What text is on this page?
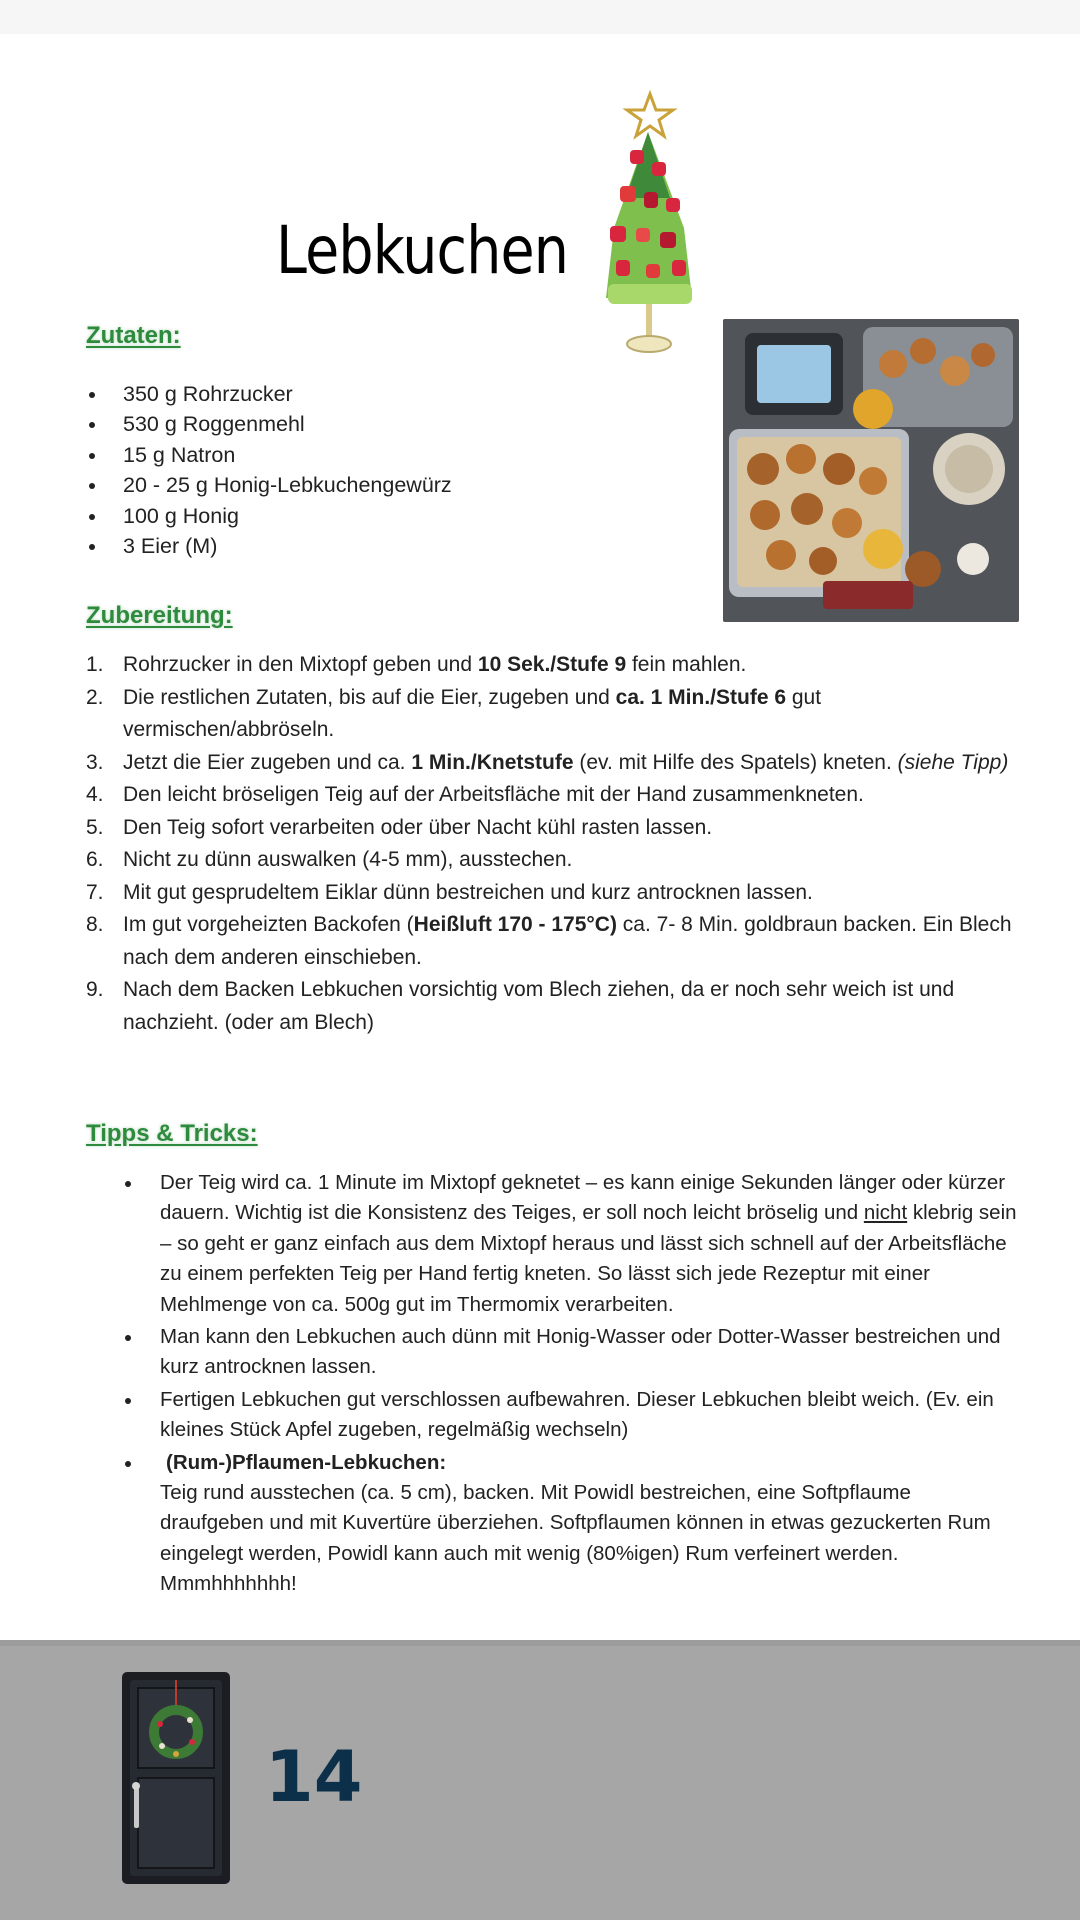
Lebkuchen
Zutaten:
350 g Rohrzucker
530 g Roggenmehl
15 g Natron
20 - 25 g Honig-Lebkuchengewürz
100 g Honig
3 Eier (M)
Zubereitung:
1. Rohrzucker in den Mixtopf geben und 10 Sek./Stufe 9 fein mahlen.
2. Die restlichen Zutaten, bis auf die Eier, zugeben und ca. 1 Min./Stufe 6 gut vermischen/abbröseln.
3. Jetzt die Eier zugeben und ca. 1 Min./Knetstufe (ev. mit Hilfe des Spatels) kneten. (siehe Tipp)
4. Den leicht bröseligen Teig auf der Arbeitsfläche mit der Hand zusammenkneten.
5. Den Teig sofort verarbeiten oder über Nacht kühl rasten lassen.
6. Nicht zu dünn auswalken (4-5 mm), ausstechen.
7. Mit gut gesprudeltem Eiklar dünn bestreichen und kurz antrocknen lassen.
8. Im gut vorgeheizten Backofen (Heißluft 170 - 175°C) ca. 7- 8 Min. goldbraun backen. Ein Blech nach dem anderen einschieben.
9. Nach dem Backen Lebkuchen vorsichtig vom Blech ziehen, da er noch sehr weich ist und nachzieht. (oder am Blech)
Tipps & Tricks:
Der Teig wird ca. 1 Minute im Mixtopf geknetet – es kann einige Sekunden länger oder kürzer dauern. Wichtig ist die Konsistenz des Teiges, er soll noch leicht bröselig und nicht klebrig sein – so geht er ganz einfach aus dem Mixtopf heraus und lässt sich schnell auf der Arbeitsfläche zu einem perfekten Teig per Hand fertig kneten. So lässt sich jede Rezeptur mit einer Mehlmenge von ca. 500g gut im Thermomix verarbeiten.
Man kann den Lebkuchen auch dünn mit Honig-Wasser oder Dotter-Wasser bestreichen und kurz antrocknen lassen.
Fertigen Lebkuchen gut verschlossen aufbewahren. Dieser Lebkuchen bleibt weich. (Ev. ein kleines Stück Apfel zugeben, regelmäßig wechseln)
(Rum-)Pflaumen-Lebkuchen:
Teig rund ausstechen (ca. 5 cm), backen. Mit Powidl bestreichen, eine Softpflaume draufgeben und mit Kuvertüre überziehen. Softpflaumen können in etwas gezuckerten Rum eingelegt werden, Powidl kann auch mit wenig (80%igen) Rum verfeinert werden. Mmmhhhhhhh!
14
